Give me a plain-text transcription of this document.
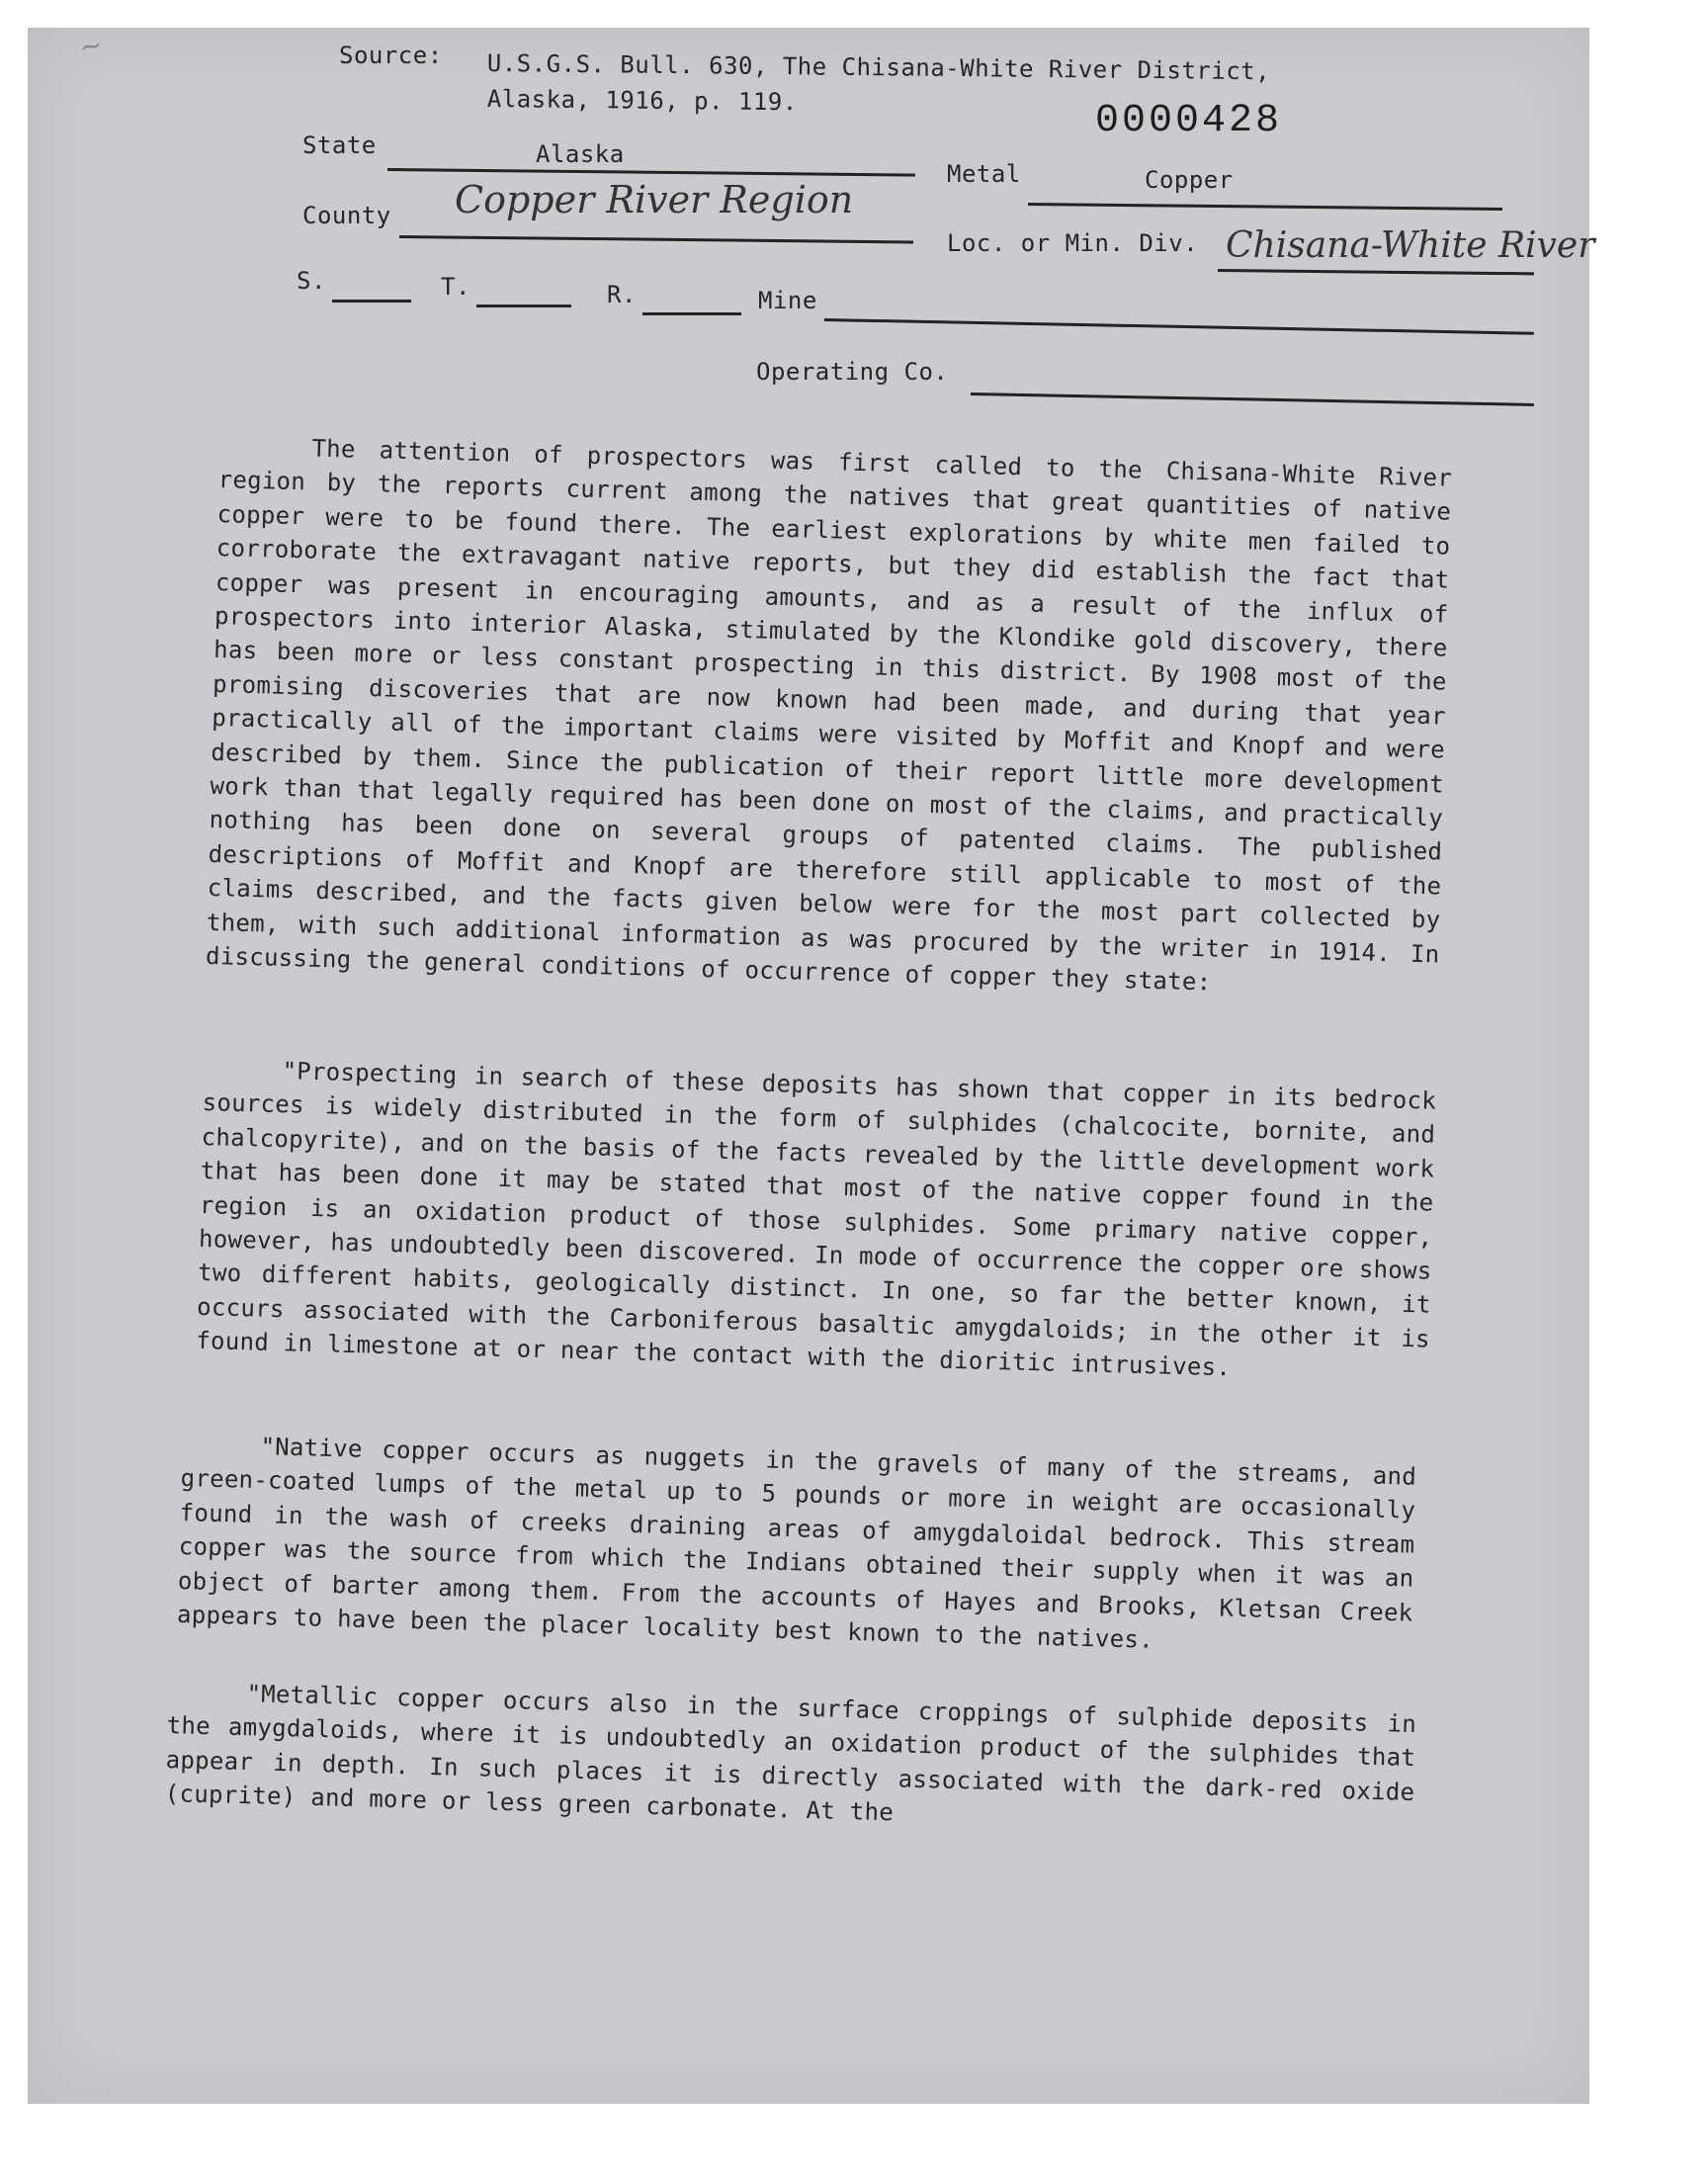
~	Source: U.S.G.S. Bull. 630, The Chisana-White River District,
Alaska, 1916, p. 119.	0000428
State	Alaska
Metal	Copper
County Copper River Region
Loc. or Min. Div. Chisana-White River
S.	T.	R.	Mine
Operating Co.

The attention of prospectors was first called to the Chisana-White River region by the reports current among the natives that great quantities of native copper were to be found there. The earliest explorations by white men failed to corroborate the extravagant native reports, but they did establish the fact that copper was present in encouraging amounts, and as a result of the influx of prospectors into interior Alaska, stimulated by the Klondike gold discovery, there has been more or less constant prospecting in this district. By 1908 most of the promising discoveries that are now known had been made, and during that year practically all of the important claims were visited by Moffit and Knopf and were described by them. Since the publication of their report little more development work than that legally required has been done on most of the claims, and practically nothing has been done on several groups of patented claims. The published descriptions of Moffit and Knopf are therefore still applicable to most of the claims described, and the facts given below were for the most part collected by them, with such additional information as was procured by the writer in 1914. In discussing the general conditions of occurrence of copper they state:

"Prospecting in search of these deposits has shown that copper in its bedrock sources is widely distributed in the form of sulphides (chalcocite, bornite, and chalcopyrite), and on the basis of the facts revealed by the little development work that has been done it may be stated that most of the native copper found in the region is an oxidation product of those sulphides. Some primary native copper, however, has undoubtedly been discovered. In mode of occurrence the copper ore shows two different habits, geologically distinct. In one, so far the better known, it occurs associated with the Carboniferous basaltic amygdaloids; in the other it is found in limestone at or near the contact with the dioritic intrusives.

"Native copper occurs as nuggets in the gravels of many of the streams, and green-coated lumps of the metal up to 5 pounds or more in weight are occasionally found in the wash of creeks draining areas of amygdaloidal bedrock. This stream copper was the source from which the Indians obtained their supply when it was an object of barter among them. From the accounts of Hayes and Brooks, Kletsan Creek appears to have been the placer locality best known to the natives.

"Metallic copper occurs also in the surface croppings of sulphide deposits in the amygdaloids, where it is undoubtedly an oxidation product of the sulphides that appear in depth. In such places it is directly associated with the dark-red oxide (cuprite) and more or less green carbonate. At the
